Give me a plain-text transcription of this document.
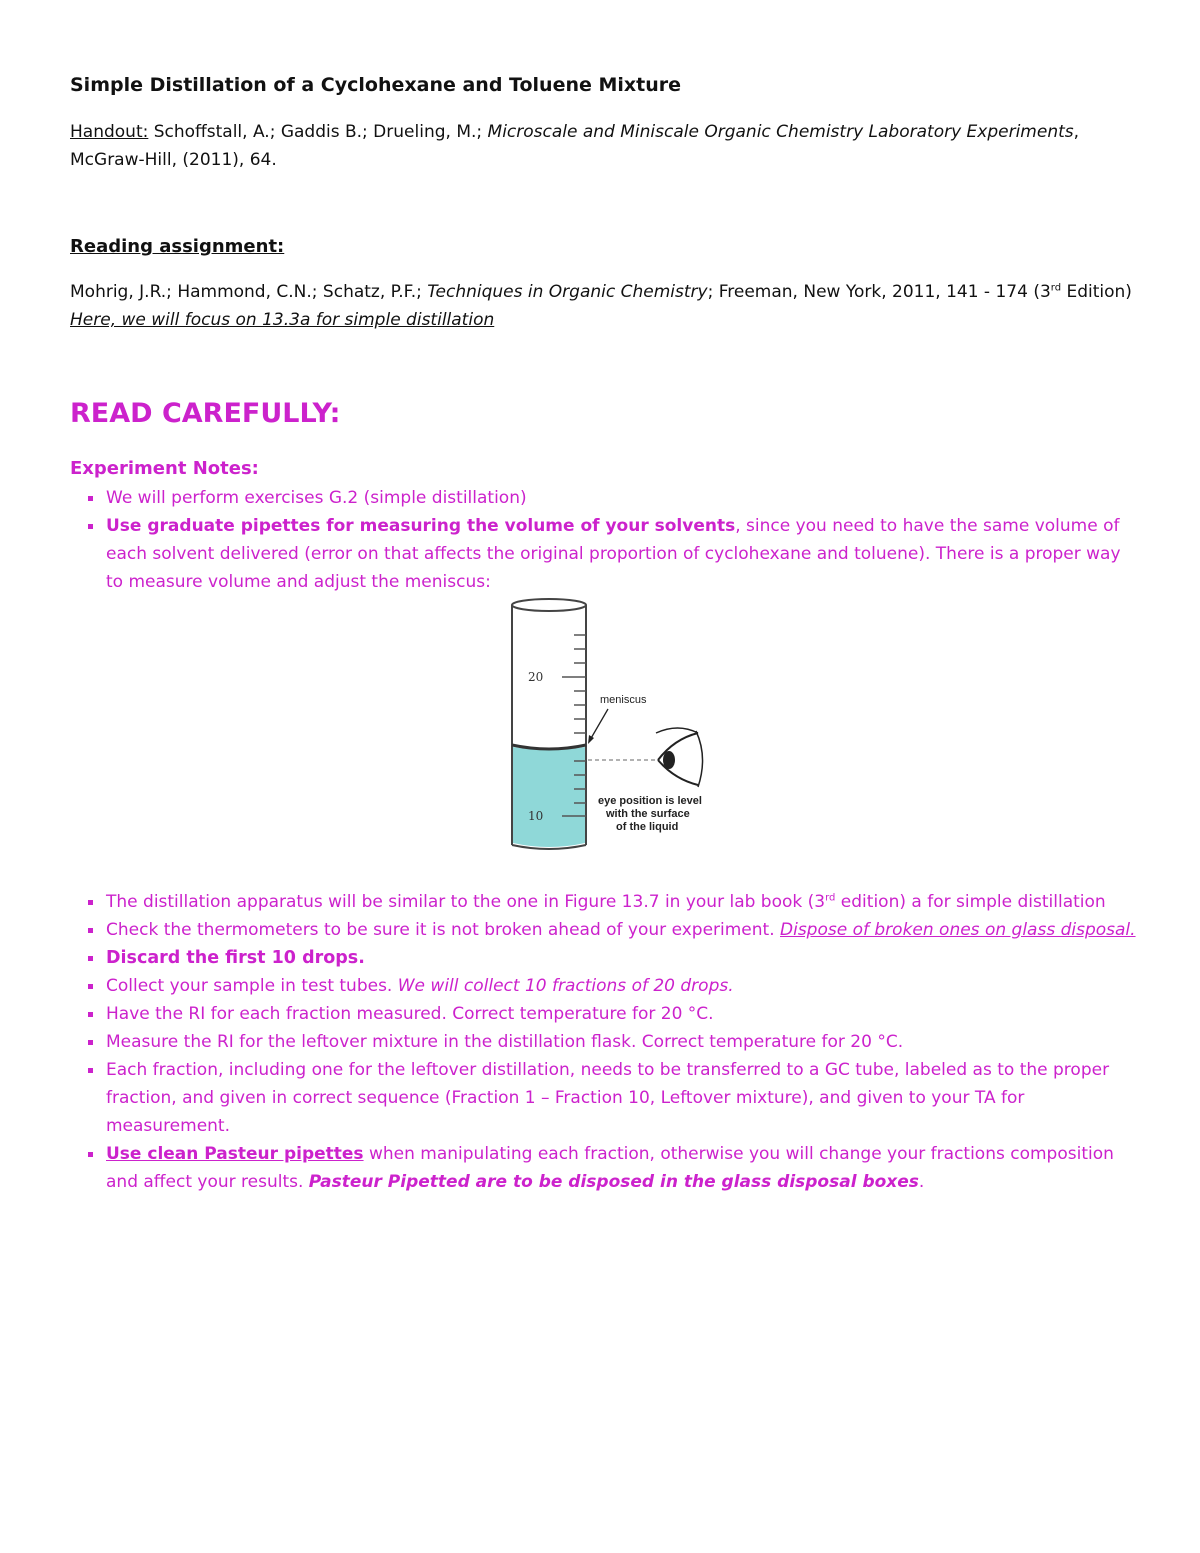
Simple Distillation of a Cyclohexane and Toluene Mixture
Handout: Schoffstall, A.; Gaddis B.; Drueling, M.; Microscale and Miniscale Organic Chemistry Laboratory Experiments, McGraw-Hill, (2011), 64.
Reading assignment:
Mohrig, J.R.; Hammond, C.N.; Schatz, P.F.; Techniques in Organic Chemistry; Freeman, New York, 2011, 141 - 174 (3rd Edition) Here, we will focus on 13.3a for simple distillation
READ CAREFULLY:
Experiment Notes:
We will perform exercises G.2 (simple distillation)
Use graduate pipettes for measuring the volume of your solvents, since you need to have the same volume of each solvent delivered (error on that affects the original proportion of cyclohexane and toluene). There is a proper way to measure volume and adjust the meniscus:
20
10
meniscus
eye position is level
with the surface
of the liquid
The distillation apparatus will be similar to the one in Figure 13.7 in your lab book (3rd edition) a for simple distillation
Check the thermometers to be sure it is not broken ahead of your experiment. Dispose of broken ones on glass disposal.
Discard the first 10 drops.
Collect your sample in test tubes. We will collect 10 fractions of 20 drops.
Have the RI for each fraction measured. Correct temperature for 20 °C.
Measure the RI for the leftover mixture in the distillation flask. Correct temperature for 20 °C.
Each fraction, including one for the leftover distillation, needs to be transferred to a GC tube, labeled as to the proper fraction, and given in correct sequence (Fraction 1 – Fraction 10, Leftover mixture), and given to your TA for measurement.
Use clean Pasteur pipettes when manipulating each fraction, otherwise you will change your fractions composition and affect your results. Pasteur Pipetted are to be disposed in the glass disposal boxes.
